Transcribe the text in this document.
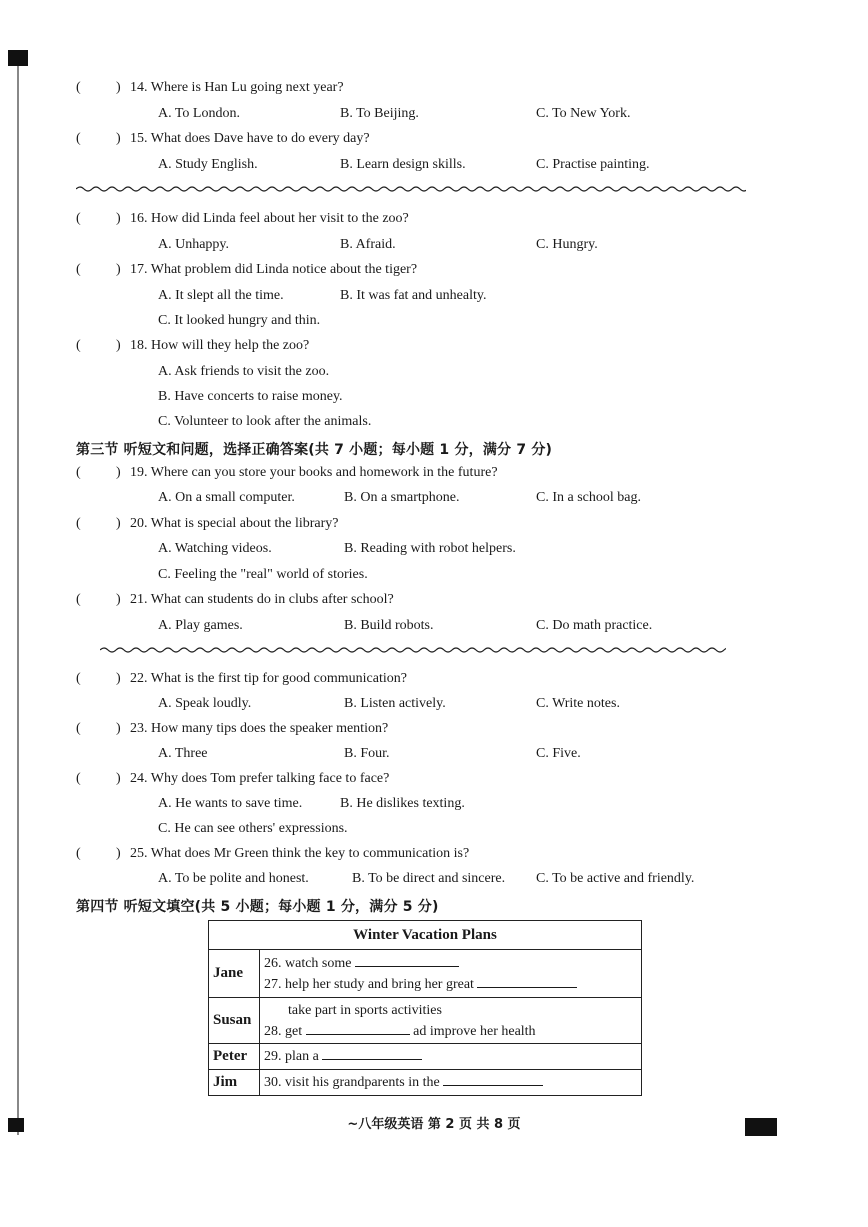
(	) 14. Where is Han Lu going next year?
A. To London.	B. To Beijing.	C. To New York.
(	) 15. What does Dave have to do every day?
A. Study English.	B. Learn design skills.	C. Practise painting.
(	) 16. How did Linda feel about her visit to the zoo?
A. Unhappy.	B. Afraid.	C. Hungry.
(	) 17. What problem did Linda notice about the tiger?
A. It slept all the time.	B. It was fat and unhealty.
C. It looked hungry and thin.
(	) 18. How will they help the zoo?
A. Ask friends to visit the zoo.
B. Have concerts to raise money.
C. Volunteer to look after the animals.
第三节 听短文和问题，选择正确答案(共 7 小题；每小题 1 分，满分 7 分)
(	) 19. Where can you store your books and homework in the future?
A. On a small computer.	B. On a smartphone.	C. In a school bag.
(	) 20. What is special about the library?
A. Watching videos.	B. Reading with robot helpers.
C. Feeling the "real" world of stories.
(	) 21. What can students do in clubs after school?
A. Play games.	B. Build robots.	C. Do math practice.
(	) 22. What is the first tip for good communication?
A. Speak loudly.	B. Listen actively.	C. Write notes.
(	) 23. How many tips does the speaker mention?
A. Three	B. Four.	C. Five.
(	) 24. Why does Tom prefer talking face to face?
A. He wants to save time.	B. He dislikes texting.
C. He can see others' expressions.
(	) 25. What does Mr Green think the key to communication is?
A. To be polite and honest.	B. To be direct and sincere. C. To be active and friendly.
第四节 听短文填空(共 5 小题；每小题 1 分，满分 5 分)
Winter Vacation Plans	
Jane	26. watch some
27. help her study and bring her great

Susan	take part in sports activities
28. get ad improve her health

Peter	29. plan a
Jim	30. visit his grandparents in the
~八年级英语 第 2 页 共 8 页
